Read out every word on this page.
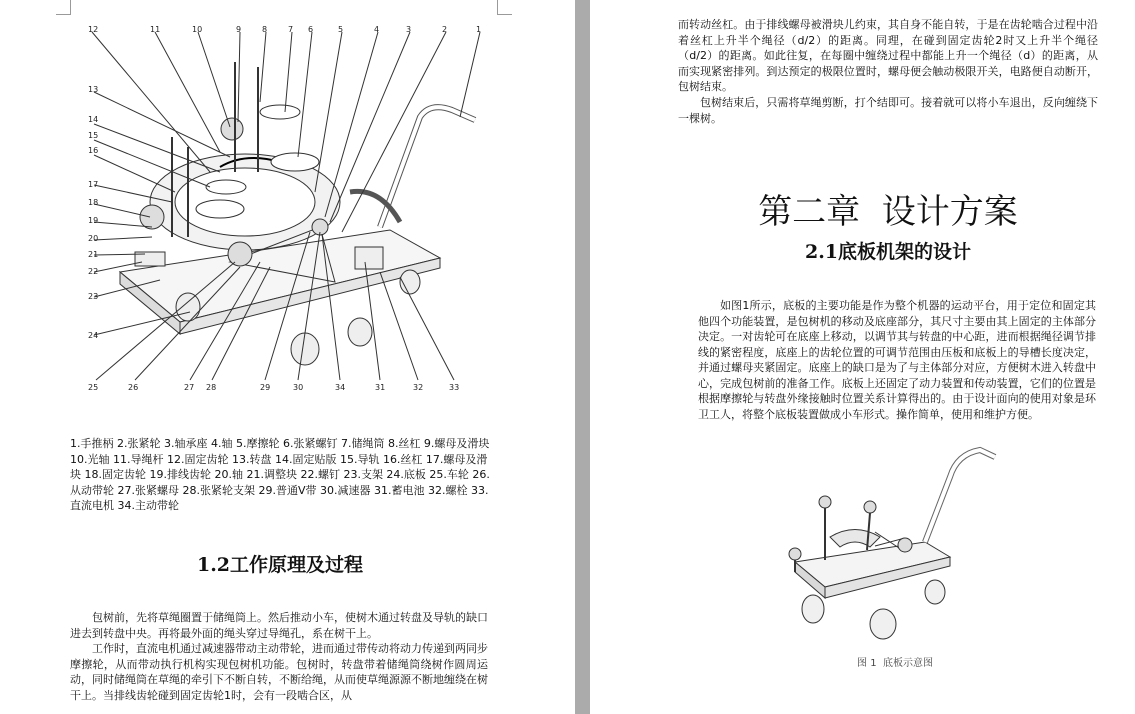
1
2
3
4
5
6
7
8
9
10
11
12
13
14
15
16
17
18
19
20
21
22
23
24
25	26	27 28	29	30	31	32	33
34

1.手推柄 2.张紧轮 3.轴承座 4.轴 5.摩擦轮 6.张紧螺钉 7.储绳筒 8.丝杠 9.螺母及滑块 10.光轴 11.导绳杆 12.固定齿轮 13.转盘 14.固定贴版 15.导轨 16.丝杠 17.螺母及滑块 18.固定齿轮 19.排线齿轮 20.轴 21.调整块 22.螺钉 23.支架 24.底板 25.车轮 26.从动带轮 27.张紧螺母 28.张紧轮支架 29.普通V带 30.减速器 31.蓄电池 32.螺栓 33.直流电机 34.主动带轮

1.2工作原理及过程

包树前，先将草绳圈置于储绳筒上。然后推动小车，使树木通过转盘及导轨的缺口进去到转盘中央。再将最外面的绳头穿过导绳孔，系在树干上。

工作时，直流电机通过减速器带动主动带轮，进而通过带传动将动力传递到两同步摩擦轮，从而带动执行机构实现包树机功能。包树时，转盘带着储绳筒绕树作圆周运动，同时储绳筒在草绳的牵引下不断自转，不断给绳，从而使草绳源源不断地缠绕在树干上。当排线齿轮碰到固定齿轮1时，会有一段啮合区，从

而转动丝杠。由于排线螺母被滑块儿约束，其自身不能自转，于是在齿轮啮合过程中沿着丝杠上升半个绳径（d/2）的距离。同理，在碰到固定齿轮2时又上升半个绳径（d/2）的距离。如此往复，在每圈中缠绕过程中都能上升一个绳径（d）的距离，从而实现紧密排列。到达预定的极限位置时，螺母便会触动极限开关，电路便自动断开，包树结束。

包树结束后，只需将草绳剪断，打个结即可。接着就可以将小车退出，反向缠绕下一棵树。

第二章  设计方案
2.1底板机架的设计

如图1所示，底板的主要功能是作为整个机器的运动平台，用于定位和固定其他四个功能装置，是包树机的移动及底座部分，其尺寸主要由其上固定的主体部分决定。一对齿轮可在底座上移动，以调节其与转盘的中心距，进而根据绳径调节排线的紧密程度，底座上的齿轮位置的可调节范围由压板和底板上的导槽长度决定，并通过螺母夹紧固定。底座上的缺口是为了与主体部分对应，方便树木进入转盘中心，完成包树前的准备工作。底板上还固定了动力装置和传动装置，它们的位置是根据摩擦轮与转盘外缘接触时位置关系计算得出的。由于设计面向的使用对象是环卫工人，将整个底板装置做成小车形式。操作简单，使用和维护方便。

图 1  底板示意图
